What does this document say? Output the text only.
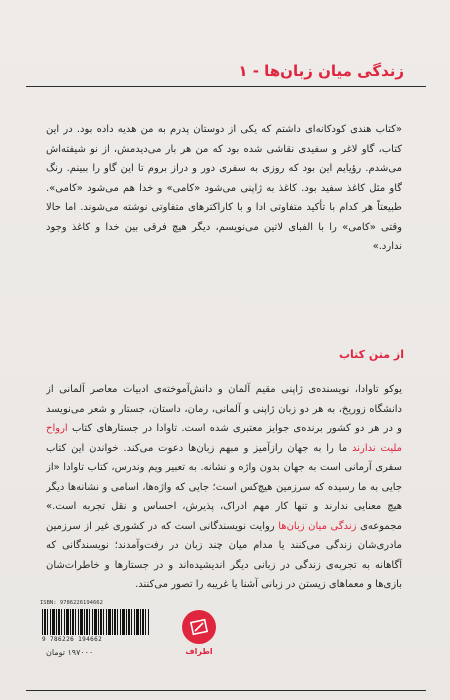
زندگی میان زبان‌ها - ۱
«کتاب هندی کودکانه‌ای داشتم که یکی از دوستان پدرم به من هدیه داده بود. در این کتاب، گاو لاغر و سفیدی نقاشی شده بود که من هر بار می‌دیدمش، از نو شیفته‌اش می‌شدم. رؤیایم این بود که روزی به سفری دور و دراز بروم تا این گاو را ببینم. رنگ گاو مثل کاغذ سفید بود. کاغذ به ژاپنی می‌شود «کامی» و خدا هم می‌شود «کامی». طبیعتاً هر کدام با تأکید متفاوتی ادا و با کاراکترهای متفاوتی نوشته می‌شوند. اما حالا وقتی «کامی» را با الفبای لاتین می‌نویسم، دیگر هیچ فرقی بین خدا و کاغذ وجود ندارد.»
از متن کتاب
یوکو تاوادا، نویسنده‌ی ژاپنی مقیم آلمان و دانش‌آموخته‌ی ادبیات معاصر آلمانی از دانشگاه زوریخ، به هر دو زبان ژاپنی و آلمانی، رمان، داستان، جستار و شعر می‌نویسد و در هر دو کشور برنده‌ی جوایز معتبری شده است. تاوادا در جستارهای کتاب ارواح ملیت ندارند ما را به جهان رازآمیز و مبهم زبان‌ها دعوت می‌کند. خواندن این کتاب سفری آرمانی است به جهان بدون واژه و نشانه. به تعبیر ویم وندرس، کتاب تاوادا «از جایی به ما رسیده که سرزمین هیچ‌کس است؛ جایی که واژه‌ها، اسامی و نشانه‌ها دیگر هیچ معنایی ندارند و تنها کار مهم ادراک، پذیرش، احساس و نقل تجربه است.» مجموعه‌ی زندگی میان زبان‌ها روایت نویسندگانی است که در کشوری غیر از سرزمین مادری‌شان زندگی می‌کنند یا مدام میان چند زبان در رفت‌وآمدند؛ نویسندگانی که آگاهانه به تجربه‌ی زندگی در زبانی دیگر اندیشیده‌اند و در جستارها و خاطرات‌شان بازی‌ها و معماهای زیستن در زبانی آشنا یا غریبه را تصور می‌کنند.
ISBN: 9786226194662
9 786226 194662
۱۹۷۰۰۰ تومان	اطراف
